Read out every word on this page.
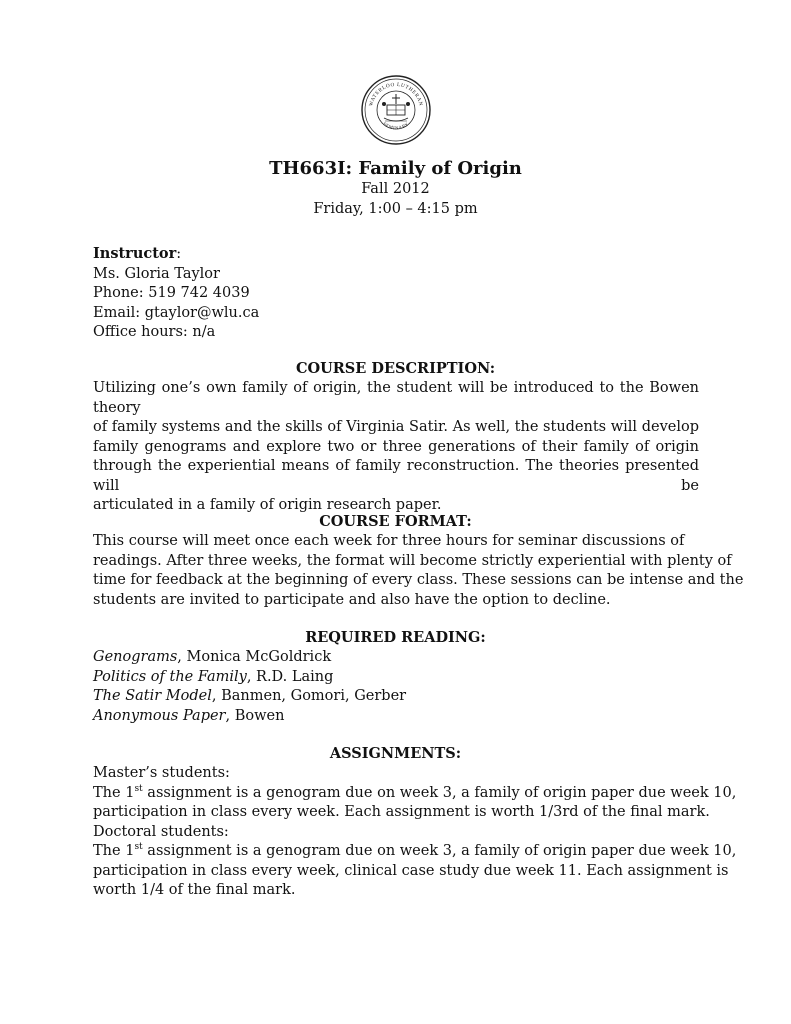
WATERLOO LUTHERAN
SEMINARY
TH663I: Family of Origin
Fall 2012
Friday, 1:00 – 4:15 pm
Instructor:
Ms. Gloria Taylor
Phone: 519 742 4039
Email: gtaylor@wlu.ca
Office hours: n/a
COURSE DESCRIPTION:
Utilizing one’s own family of origin, the student will be introduced to the Bowen theory
of family systems and the skills of Virginia Satir. As well, the students will develop
family genograms and explore two or three generations of their family of origin
through the experiential means of family reconstruction. The theories presented will be
articulated in a family of origin research paper.
COURSE FORMAT:
This course will meet once each week for three hours for seminar discussions of
readings. After three weeks, the format will become strictly experiential with plenty of
time for feedback at the beginning of every class. These sessions can be intense and the
students are invited to participate and also have the option to decline.
REQUIRED READING:
Genograms, Monica McGoldrick
Politics of the Family, R.D. Laing
The Satir Model, Banmen, Gomori, Gerber
Anonymous Paper, Bowen
ASSIGNMENTS:
Master’s students:
The 1st assignment is a genogram due on week 3, a family of origin paper due week 10,
participation in class every week. Each assignment is worth 1/3rd of the final mark.
Doctoral students:
The 1st assignment is a genogram due on week 3, a family of origin paper due week 10,
participation in class every week, clinical case study due week 11. Each assignment is
worth 1/4 of the final mark.
